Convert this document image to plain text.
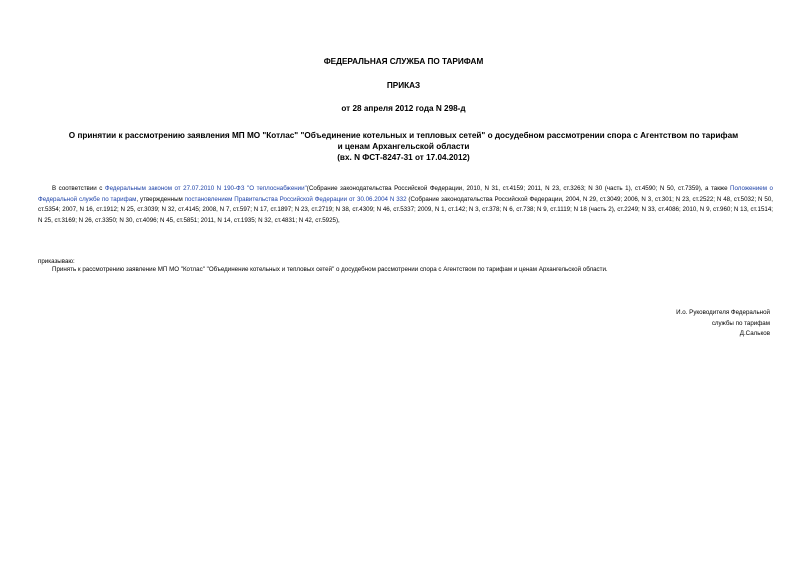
ФЕДЕРАЛЬНАЯ СЛУЖБА ПО ТАРИФАМ
ПРИКАЗ
от 28 апреля 2012 года N 298-д
О принятии к рассмотрению заявления МП МО "Котлас" "Объединение котельных и тепловых сетей" о досудебном рассмотрении спора с Агентством по тарифам
и ценам Архангельской области
(вх. N ФСТ-8247-31 от 17.04.2012)
В соответствии с Федеральным законом от 27.07.2010 N 190-ФЗ "О теплоснабжении"(Собрание законодательства Российской Федерации, 2010, N 31, ст.4159; 2011, N 23, ст.3263; N 30 (часть 1), ст.4590; N 50, ст.7359), а также Положением о Федеральной службе по тарифам, утвержденным постановлением Правительства Российской Федерации от 30.06.2004 N 332 (Собрание законодательства Российской Федерации, 2004, N 29, ст.3049; 2006, N 3, ст.301; N 23, ст.2522; N 48, ст.5032; N 50, ст.5354; 2007, N 16, ст.1912; N 25, ст.3039; N 32, ст.4145; 2008, N 7, ст.597; N 17, ст.1897; N 23, ст.2719; N 38, ст.4309; N 46, ст.5337; 2009, N 1, ст.142; N 3, ст.378; N 6, ст.738; N 9, ст.1119; N 18 (часть 2), ст.2249; N 33, ст.4086; 2010, N 9, ст.960; N 13, ст.1514; N 25, ст.3169; N 26, ст.3350; N 30, ст.4096; N 45, ст.5851; 2011, N 14, ст.1935; N 32, ст.4831; N 42, ст.5925),
приказываю:
Принять к рассмотрению заявление МП МО "Котлас" "Объединение котельных и тепловых сетей" о досудебном рассмотрении спора с Агентством по тарифам и ценам Архангельской области.
И.о. Руководителя Федеральной
службы по тарифам
Д.Сальков
